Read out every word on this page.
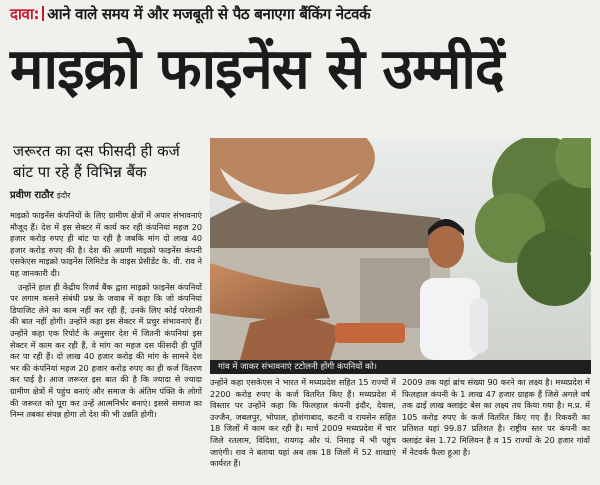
दावा: आने वाले समय में और मजबूती से पैठ बनाएगा बैंकिंग नेटवर्क
माइक्रो फाइनेंस से उम्मीदें
जरूरत का दस फीसदी ही कर्ज
बांट पा रहे हैं विभिन्न बैंक
प्रवीण राठौर इंदौर

माइक्रो फाइनेंस कंपनियों के लिए ग्रामीण क्षेत्रों में अपार संभावनाएं मौजूद हैं। देश में इस सेक्टर में कार्य कर रही कंपनियां महज 20 हजार करोड़ रुपए ही बांट पा रही है जबकि मांग दो लाख 40 हजार करोड़ रुपए की है। देश की अग्रणी माइक्रो फाइनेंस कंपनी एसकेएस माइक्रो फाइनेंस लिमिटेड के वाइस प्रेसीडेंट के. वी. राव ने यह जानकारी दी।

उन्होंने हाल ही केंद्रीय रिजर्व बैंक द्वारा माइक्रो फाइनेंस कंपनियों पर लगाम कसने संबंधी प्रश्न के जवाब में कहा कि जो कंपनियां डिपाजिट लेने का काम नहीं कर रही हैं, उनके लिए कोई परेशानी की बात नहीं होगी। उन्होंने कहा इस सेक्टर में प्रचुर संभावनाएं हैं। उन्होंने कहा एक रिपोर्ट के अनुसार देश में जितनी कंपनियां इस सेक्टर में काम कर रही हैं, वे मांग का महज दस फीसदी ही पूर्ति कर पा रही हैं। दो लाख 40 हजार करोड़ की मांग के सामने देश भर की कंपनियां महज 20 हजार करोड़ रुपए का ही कर्ज वितरण कर पाई है। आज जरूरत इस बात की है कि ज्यादा से ज्यादा ग्रामीण क्षेत्रों में पहुंच बनाएं और समाज के अंतिम पंक्ति के लोगों की जरूरत को पूरा कर उन्हें आत्मनिर्भर बनाएं। इससे समाज का निम्न तबका संपन्न होगा तो देश की भी उन्नति होगी।

गांव में जाकर संभावनाएं टटोलनी होंगी कंपनियों को।

उन्होंने कहा एसकेएस ने भारत में मध्यप्रदेश सहित 15 राज्यों में 2200 करोड़ रुपए के कर्ज वितरित किए हैं। मध्यप्रदेश में विस्तार पर उन्होंने कहा कि फिलहाल कंपनी इंदौर, देवास, उज्जैन, जबलपुर, भोपाल, होशंगाबाद, कटनी व रायसेन सहित 18 जिलों में काम कर रही है। मार्च 2009 मध्यप्रदेश में चार जिले रतलाम, विदिशा, रायगढ़ और पं. निमाड़ में भी पहुंच जाएंगी। राव ने बताया यहां अब तक 18 जिलों में 52 शाखाएं कार्यरत हैं।

2009 तक यहां ब्रांच संख्या 90 करने का लक्ष्य है। मध्यप्रदेश में फिलहाल कंपनी के 1 लाख 47 हजार ग्राहक हैं जिसे अगले वर्ष तक ढाई लाख क्लाइंट बेस का लक्ष्य तय किया गया है। म.प्र. में 105 करोड़ रुपए के कर्ज वितरित किए गए हैं। रिकवरी का प्रतिशत यहां 99.87 प्रतिशत है। राष्ट्रीय स्तर पर कंपनी का क्लाइंट बेस 1.72 मिलियन है व 15 राज्यों के 20 हजार गांवों में नेटवर्क फैला हुआ है।
